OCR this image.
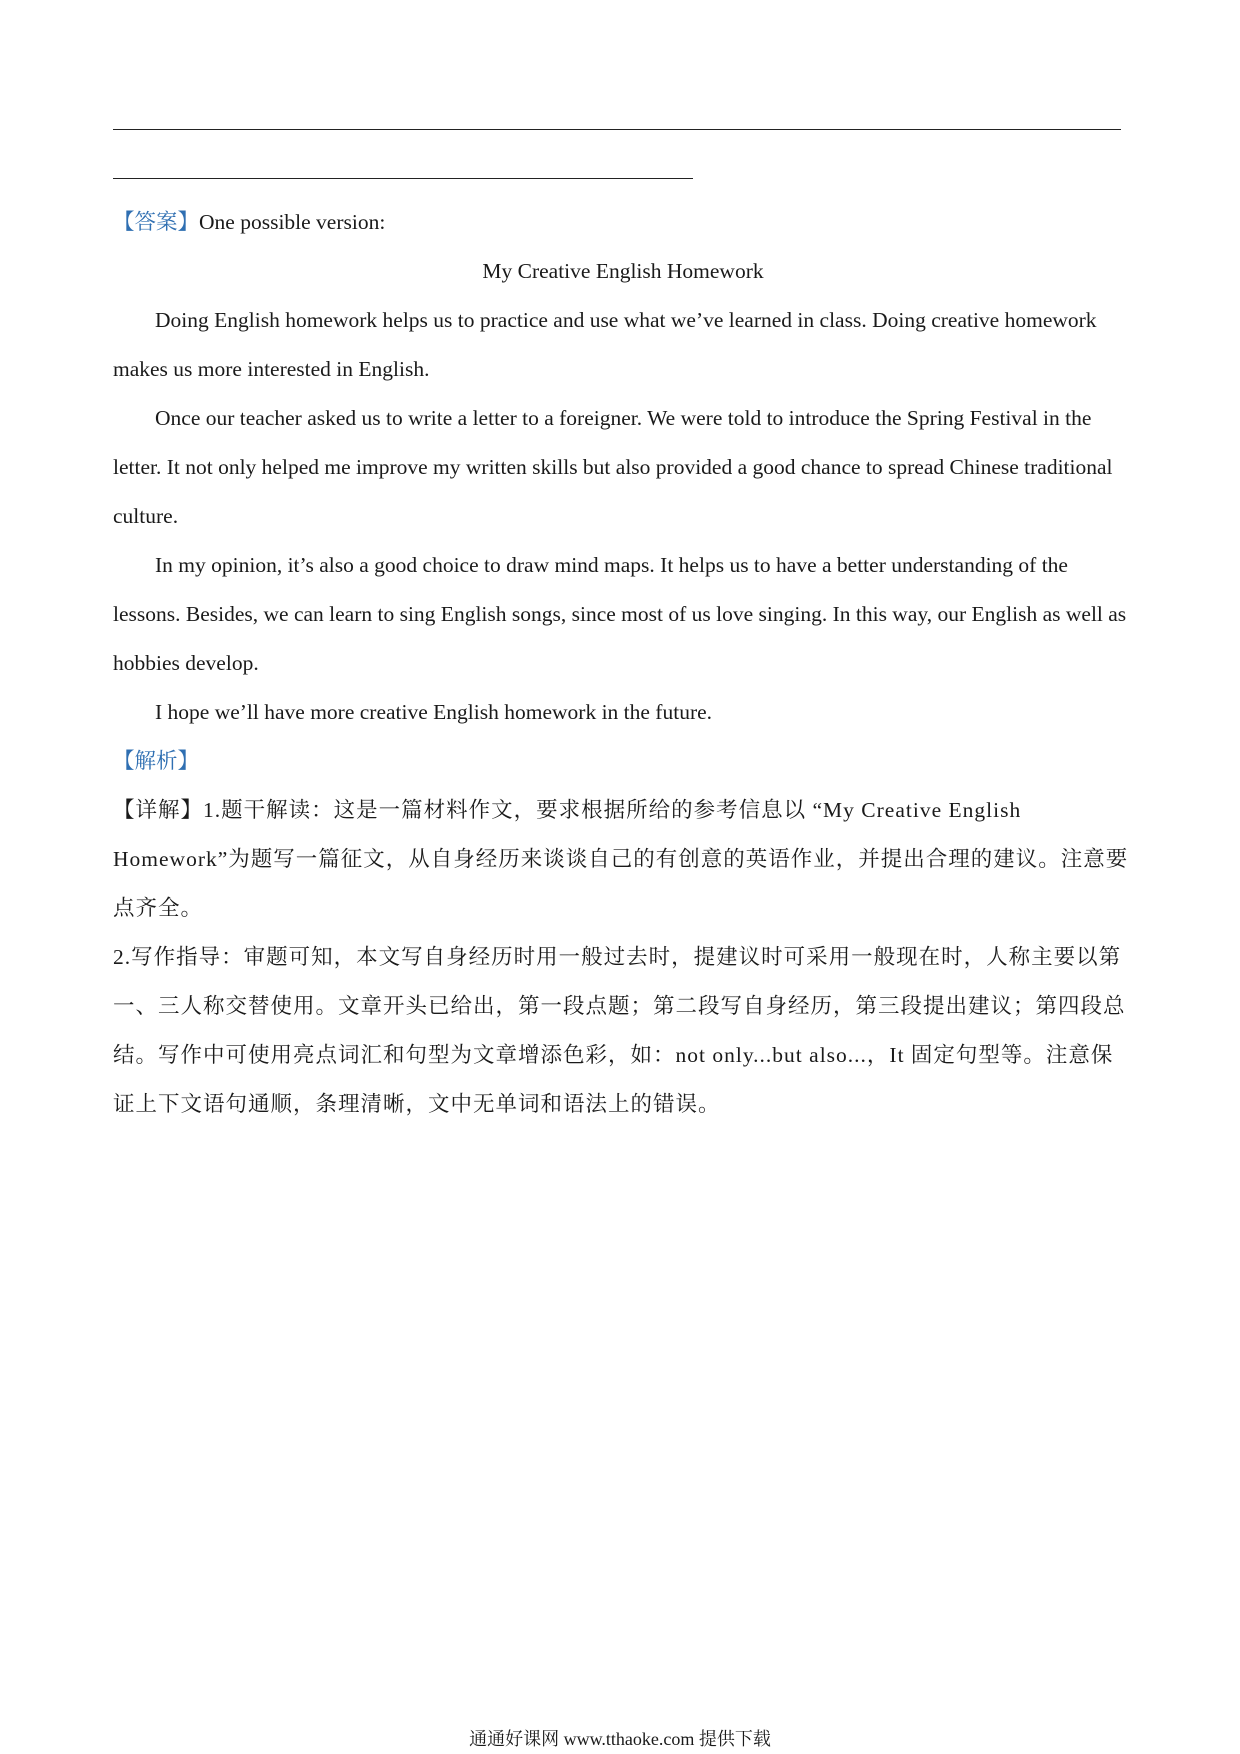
【答案】One possible version:

My Creative English Homework

Doing English homework helps us to practice and use what we’ve learned in class. Doing creative homework makes us more interested in English.

Once our teacher asked us to write a letter to a foreigner. We were told to introduce the Spring Festival in the letter. It not only helped me improve my written skills but also provided a good chance to spread Chinese traditional culture.

In my opinion, it’s also a good choice to draw mind maps. It helps us to have a better understanding of the lessons. Besides, we can learn to sing English songs, since most of us love singing. In this way, our English as well as hobbies develop.

I hope we’ll have more creative English homework in the future.

【解析】

【详解】1.题干解读：这是一篇材料作文，要求根据所给的参考信息以 “My Creative English Homework”为题写一篇征文，从自身经历来谈谈自己的有创意的英语作业，并提出合理的建议。注意要点齐全。

2.写作指导：审题可知，本文写自身经历时用一般过去时，提建议时可采用一般现在时，人称主要以第一、三人称交替使用。文章开头已给出，第一段点题；第二段写自身经历，第三段提出建议；第四段总结。写作中可使用亮点词汇和句型为文章增添色彩，如：not only...but also...，It 固定句型等。注意保证上下文语句通顺，条理清晰，文中无单词和语法上的错误。

通通好课网 www.tthaoke.com 提供下载
